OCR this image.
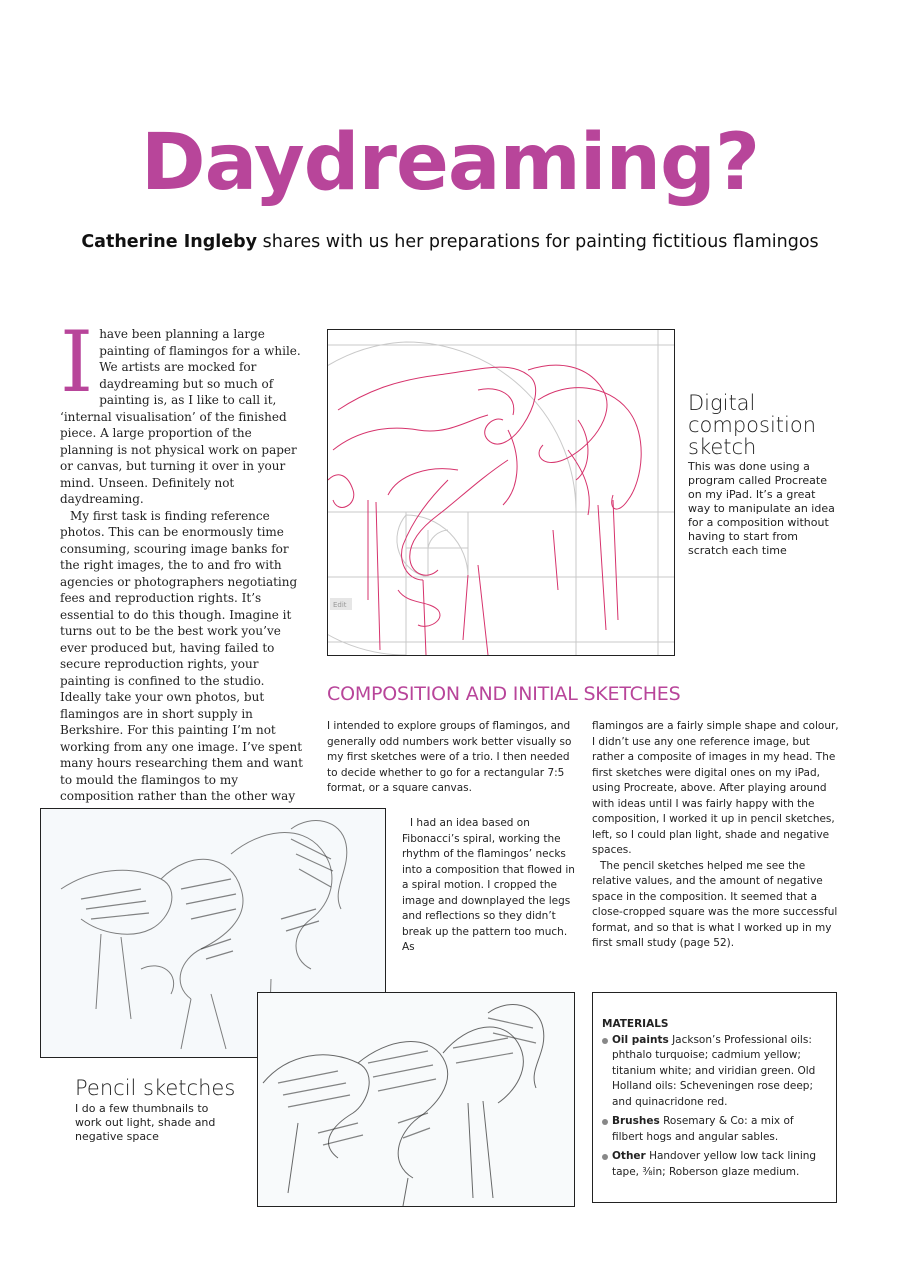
Daydreaming?
Catherine Ingleby shares with us her preparations for painting fictitious flamingos

I have been planning a large painting of flamingos for a while. We artists are mocked for daydreaming but so much of painting is, as I like to call it, ‘internal visualisation’ of the finished piece. A large proportion of the planning is not physical work on paper or canvas, but turning it over in your mind. Unseen. Definitely not daydreaming.

My first task is finding reference photos. This can be enormously time consuming, scouring image banks for the right images, the to and fro with agencies or photographers negotiating fees and reproduction rights. It’s essential to do this though. Imagine it turns out to be the best work you’ve ever produced but, having failed to secure reproduction rights, your painting is confined to the studio. Ideally take your own photos, but flamingos are in short supply in Berkshire. For this painting I’m not working from any one image. I’ve spent many hours researching them and want to mould the flamingos to my composition rather than the other way

Edit
Digital composition sketch
This was done using a program called Procreate on my iPad. It’s a great way to manipulate an idea for a composition without having to start from scratch each time
COMPOSITION AND INITIAL SKETCHES

I intended to explore groups of flamingos, and generally odd numbers work better visually so my first sketches were of a trio. I then needed to decide whether to go for a rectangular 7:5 format, or a square canvas.

I had an idea based on Fibonacci’s spiral, working the rhythm of the flamingos’ necks into a composition that flowed in a spiral motion. I cropped the image and downplayed the legs and reflections so they didn’t break up the pattern too much. As

flamingos are a fairly simple shape and colour, I didn’t use any one reference image, but rather a composite of images in my head. The first sketches were digital ones on my iPad, using Procreate, above. After playing around with ideas until I was fairly happy with the composition, I worked it up in pencil sketches, left, so I could plan light, shade and negative spaces.

The pencil sketches helped me see the relative values, and the amount of negative space in the composition. It seemed that a close-cropped square was the more successful format, and so that is what I worked up in my first small study (page 52).

Pencil sketches
I do a few thumbnails to work out light, shade and negative space
MATERIALS
Oil paints Jackson’s Professional oils: phthalo turquoise; cadmium yellow; titanium white; and viridian green. Old Holland oils: Scheveningen rose deep; and quinacridone red.
Brushes Rosemary & Co: a mix of filbert hogs and angular sables.
Other Handover yellow low tack lining tape, ⅜in; Roberson glaze medium.
